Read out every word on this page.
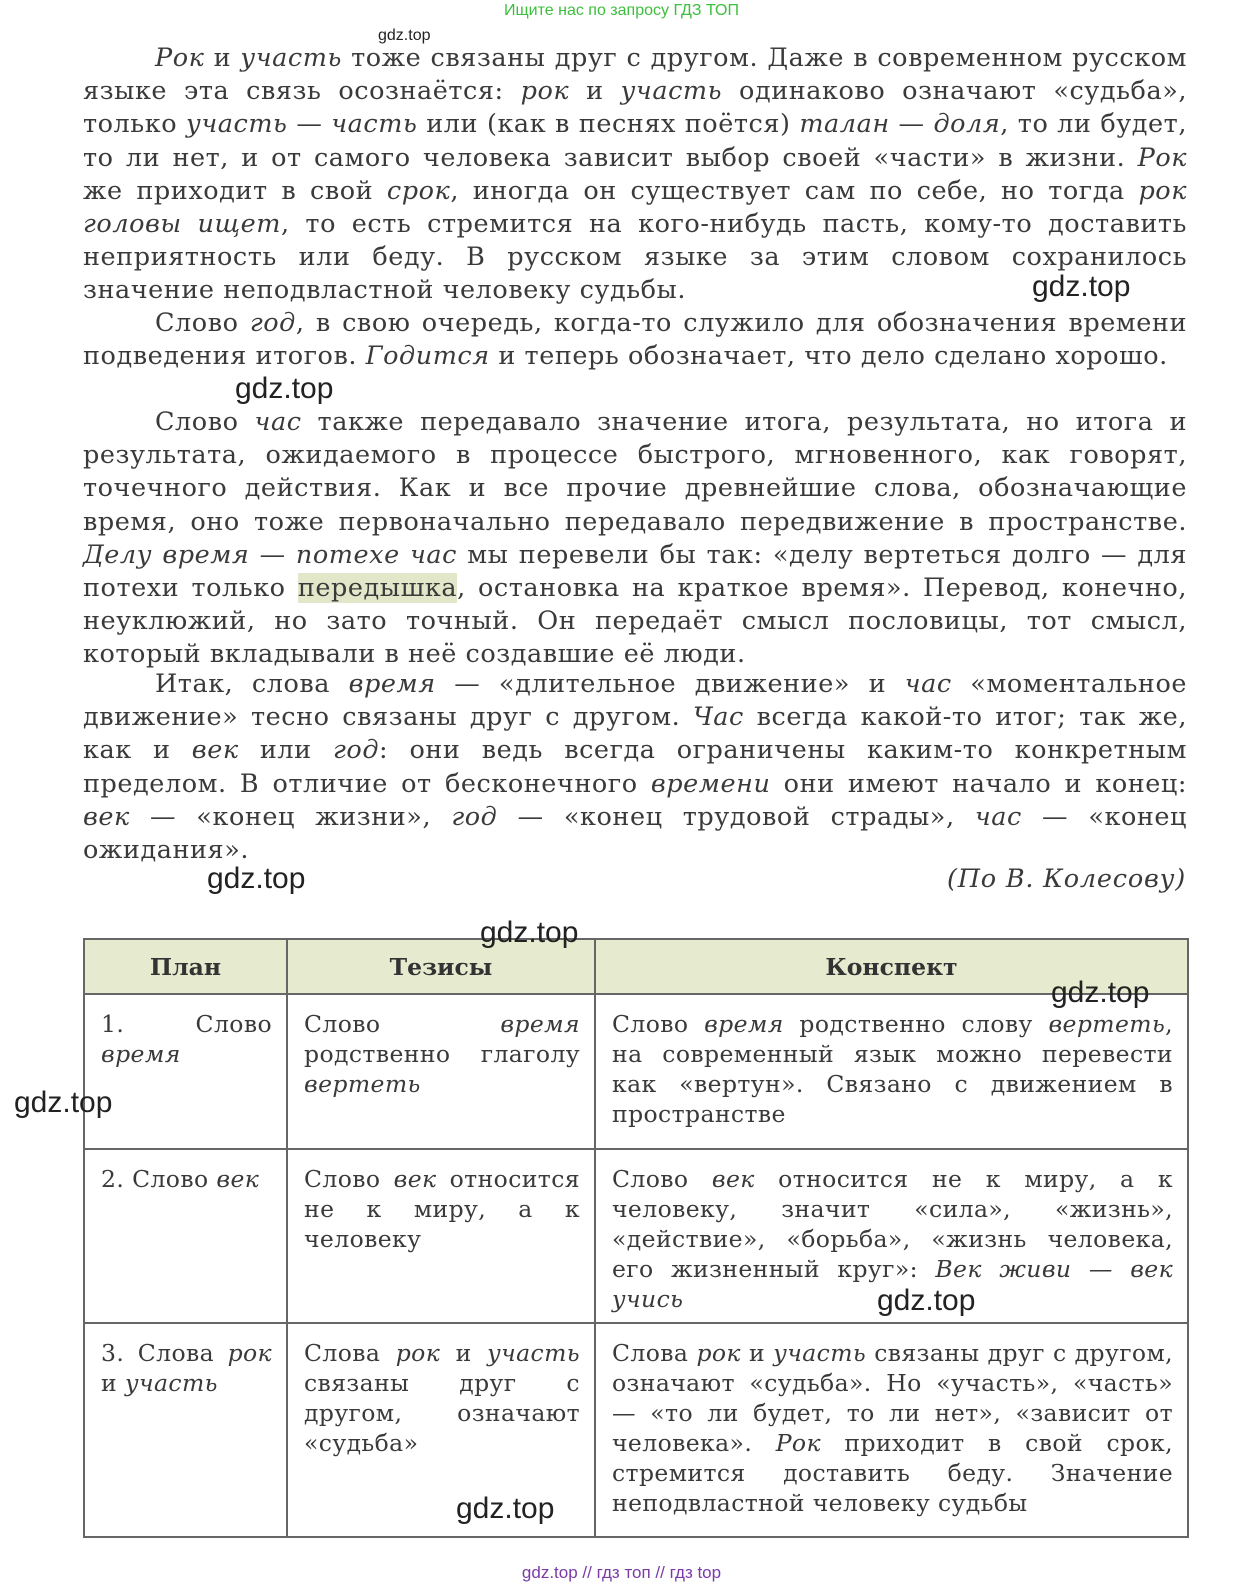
Ищите нас по запросу ГДЗ ТОП
gdz.top
Рок и участь тоже связаны друг с другом. Даже в современном русском языке эта связь осознаётся: рок и участь одинаково означают «судьба», только участь — часть или (как в песнях поётся) талан — доля, то ли будет, то ли нет, и от самого человека зависит выбор своей «части» в жизни. Рок же приходит в свой срок, иногда он существует сам по себе, но тогда рок головы ищет, то есть стремится на кого-нибудь пасть, кому-то доставить неприятность или беду. В русском языке за этим словом сохранилось значение неподвластной человеку судьбы.
Слово год, в свою очередь, когда-то служило для обозначения времени подведения итогов. Годится и теперь обозначает, что дело сделано хорошо.
Слово час также передавало значение итога, результата, но итога и результата, ожидаемого в процессе быстрого, мгновенного, как говорят, точечного действия. Как и все прочие древнейшие слова, обозначающие время, оно тоже первоначально передавало передвижение в пространстве. Делу время — потехе час мы перевели бы так: «делу вертеться долго — для потехи только передышка, остановка на краткое время». Перевод, конечно, неуклюжий, но зато точный. Он передаёт смысл пословицы, тот смысл, который вкладывали в неё создавшие её люди.
Итак, слова время — «длительное движение» и час «моментальное движение» тесно связаны друг с другом. Час всегда какой-то итог; так же, как и век или год: они ведь всегда ограничены каким-то конкретным пределом. В отличие от бесконечного времени они имеют начало и конец: век — «конец жизни», год — «конец трудовой страды», час — «конец ожидания».
(По В. Колесову)
План	Тезисы	Конспект
1. Слово время	Слово время родственно глаголу вертеть	Слово время родственно слову вертеть, на современный язык можно перевести как «вертун». Связано с движением в пространстве
2. Слово век	Слово век относится не к миру, а к человеку	Слово век относится не к миру, а к человеку, значит «сила», «жизнь», «действие», «борьба», «жизнь человека, его жизненный круг»: Век живи — век учись
3. Слова рок и участь	Слова рок и участь связаны друг с другом, означают «судьба»	Слова рок и участь связаны друг с другом, означают «судьба». Но «участь», «часть» — «то ли будет, то ли нет», «зависит от человека». Рок приходит в свой срок, стремится доставить беду. Значение неподвластной человеку судьбы
gdz.top
gdz.top
gdz.top
gdz.top
gdz.top
gdz.top
gdz.top
gdz.top
gdz.top // гдз топ // гдз top
